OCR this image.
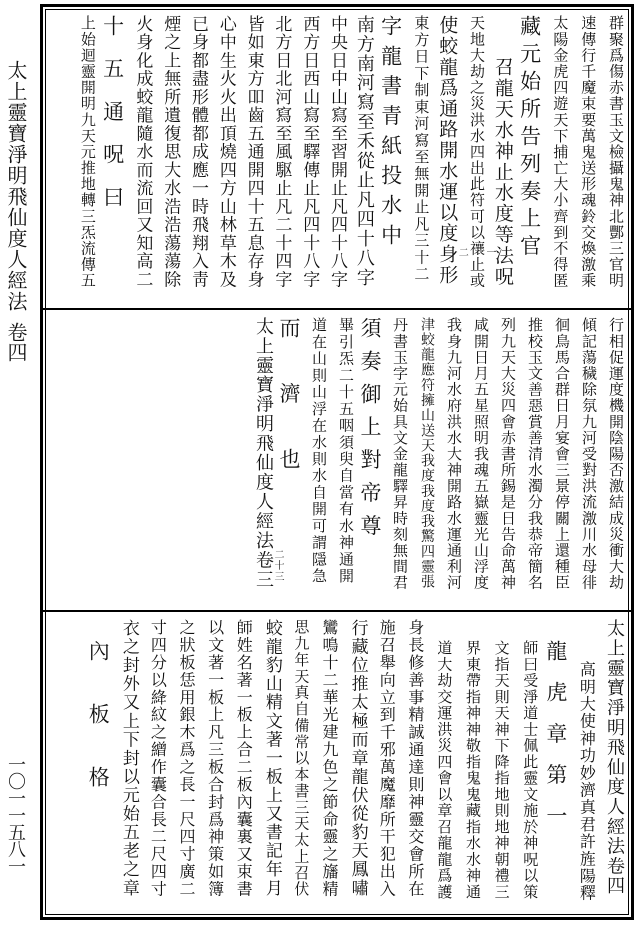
太上靈寶淨明飛仙度人經法
卷四
一〇一一五八一
群聚爲傷赤書玉文檢攝鬼神北酆三官明
速傳行千魔束要萬鬼送形魂鈴交煥激乘
太陽金虎四遊天下捕亡大小齊到不得匿
藏元始所告列奏上官
召龍天水神止水度等法呪
天地大劫之災洪水四出此符可以禳止或
一
使蛟龍爲通路開水運以度身形
二
東方日下制東河寫至無開止凡三十二
字龍書青紙投水中
南方南河寫至禾從止凡四十八字
中央日中山寫至習開止凡四十八字
西方日西山寫至驛傳止凡四十八字
北方日北河寫至風駆止凡二十四字
皆如東方吅齒五通開四十五息存身
心中生火火出頂燒四方山林草木及
已身都盡形體都成應一時飛翔入靑
煙之上無所遺復思大水浩浩蕩蕩除
火身化成蛟龍隨水而流回又知高二
十五通呪曰
上始迴靈開明九天元推地轉三炁流傳五
行相促運度機開陰陽否激結成災衝大劫
傾記蕩穢除氛九河受對洪流激川水母徘
徊鳥馬合群日月宴會三景停關上還種臣
推校玉文善惡賞善清水濁分我恭帝簡名
列九天大災四會赤書所錫是日告命萬神
咸開日月五星照明我魂五嶽靈光山浮度
我身九河水府洪水大神開路水運通利河
津蛟龍應符擁山送天我度我度我驚四靈張
丹書玉字元始具文金龍驛昇時刻無間君
須奏御上對帝尊
畢引炁二十五咽須臾自當有水神通開
道在山則山浮在水則水自開可謂隱急
而濟也
太上靈寶淨明飛仙度人經法卷三
二十三
太上靈寶淨明飛仙度人經法卷四
高明大使神功妙濟真君許旌陽釋
龍虎章第一
師曰受淨道士佩此靈文施於神呪以策
文指天則天神下降指地則地神朝禮三
界東帶指神神敬指鬼鬼藏指水水神通
道大劫交運洪災四會以章召龍龍爲護
身長修善事精誠通達則神靈交會所在
施召舉向立到千邪萬魔靡所干犯出入
行藏位推太極而章龍伏從豹天鳳嘯
鸞鳴十二華光建九色之節命靈之旛精
思九年天真自備常以本書三天太上召伏
蛟龍豹山精文著一板上又書記年月
師姓名著一板上合二板內囊裏又束書
以文著一板上凡三板合封爲神策如簿
之狀板恁用銀木爲之長一尺四寸廣二
寸四分以絳紋之繒作囊合長二尺四寸
衣之封外又上下封以元始五老之章
內板格
